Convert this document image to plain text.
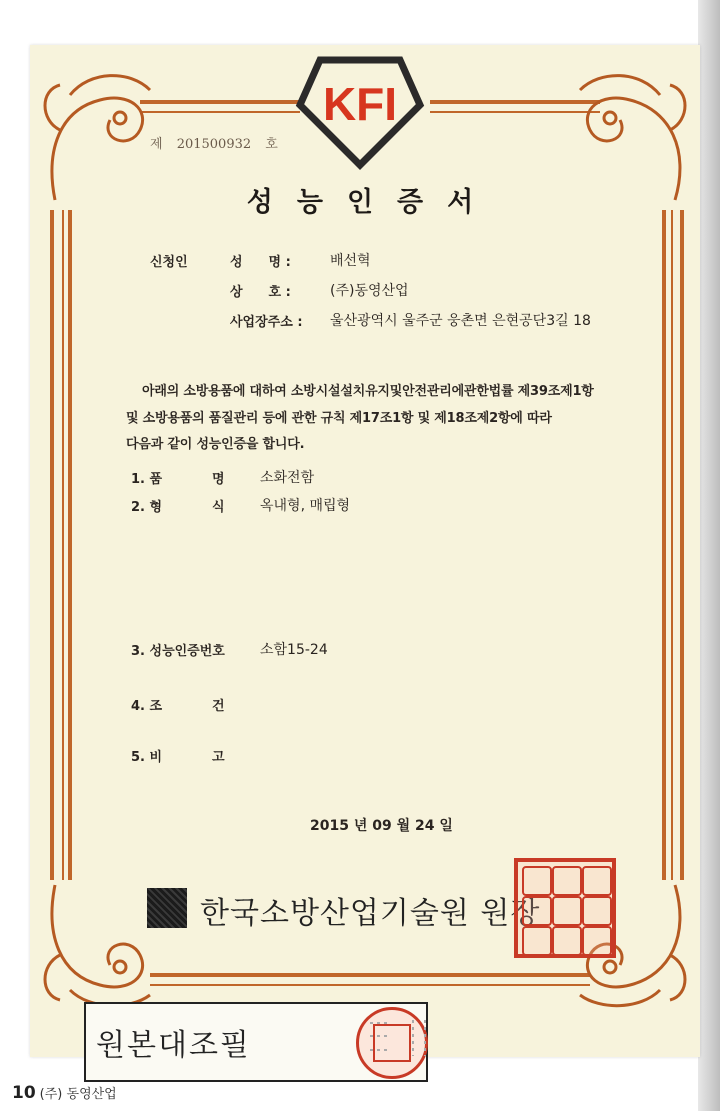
KFI
제 201500932 호
성능인증서
신청인	성　　명 :	배선혁
상　　호 :	(주)동영산업
사업장주소 : 울산광역시 울주군 웅촌면 은현공단3길 18
아래의 소방용품에 대하여 소방시설설치유지및안전관리에관한법률 제39조제1항
및 소방용품의 품질관리 등에 관한 규칙 제17조1항 및 제18조제2항에 따라
다음과 같이 성능인증을 합니다.
1. 품	명	소화전함
2. 형	식	옥내형, 매립형
3. 성능인증번호	소함15-24
4. 조	건
5. 비	고
2015 년 09 월 24 일
한국소방산업기술원 원장
원본대조필
10 (주) 동영산업
